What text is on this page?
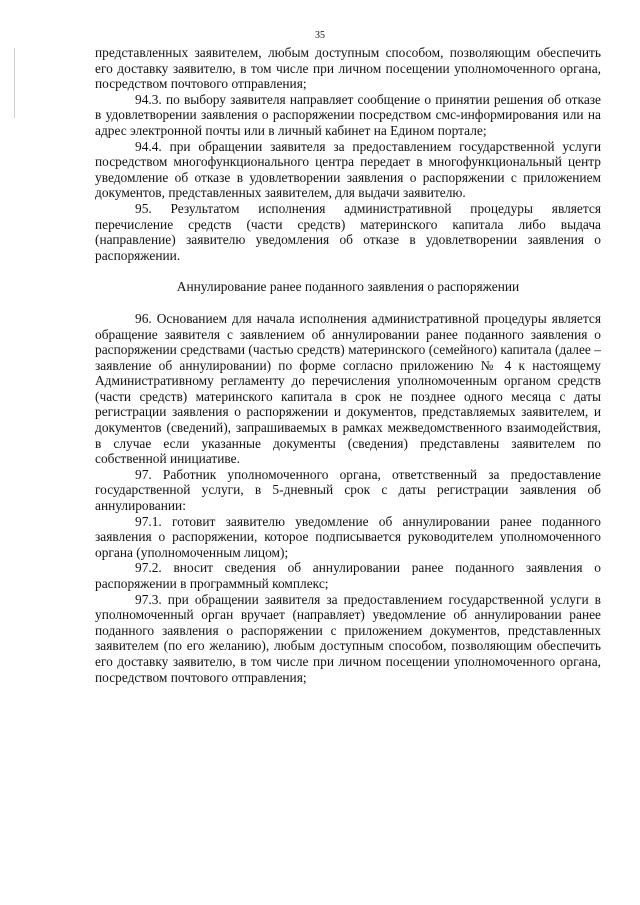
35

представленных заявителем, любым доступным способом, позволяющим обеспечить его доставку заявителю, в том числе при личном посещении уполномоченного органа, посредством почтового отправления;

94.3. по выбору заявителя направляет сообщение о принятии решения об отказе в удовлетворении заявления о распоряжении посредством смс-информирования или на адрес электронной почты или в личный кабинет на Едином портале;

94.4. при обращении заявителя за предоставлением государственной услуги посредством многофункционального центра передает в многофункциональный центр уведомление об отказе в удовлетворении заявления о распоряжении с приложением документов, представленных заявителем, для выдачи заявителю.

95. Результатом исполнения административной процедуры является перечисление средств (части средств) материнского капитала либо выдача (направление) заявителю уведомления об отказе в удовлетворении заявления о распоряжении.

Аннулирование ранее поданного заявления о распоряжении

96. Основанием для начала исполнения административной процедуры является обращение заявителя с заявлением об аннулировании ранее поданного заявления о распоряжении средствами (частью средств) материнского (семейного) капитала (далее – заявление об аннулировании) по форме согласно приложению № 4 к настоящему Административному регламенту до перечисления уполномоченным органом средств (части средств) материнского капитала в срок не позднее одного месяца с даты регистрации заявления о распоряжении и документов, представляемых заявителем, и документов (сведений), запрашиваемых в рамках межведомственного взаимодействия, в случае если указанные документы (сведения) представлены заявителем по собственной инициативе.

97. Работник уполномоченного органа, ответственный за предоставление государственной услуги, в 5-дневный срок с даты регистрации заявления об аннулировании:

97.1. готовит заявителю уведомление об аннулировании ранее поданного заявления о распоряжении, которое подписывается руководителем уполномоченного органа (уполномоченным лицом);

97.2. вносит сведения об аннулировании ранее поданного заявления о распоряжении в программный комплекс;

97.3. при обращении заявителя за предоставлением государственной услуги в уполномоченный орган вручает (направляет) уведомление об аннулировании ранее поданного заявления о распоряжении с приложением документов, представленных заявителем (по его желанию), любым доступным способом, позволяющим обеспечить его доставку заявителю, в том числе при личном посещении уполномоченного органа, посредством почтового отправления;
